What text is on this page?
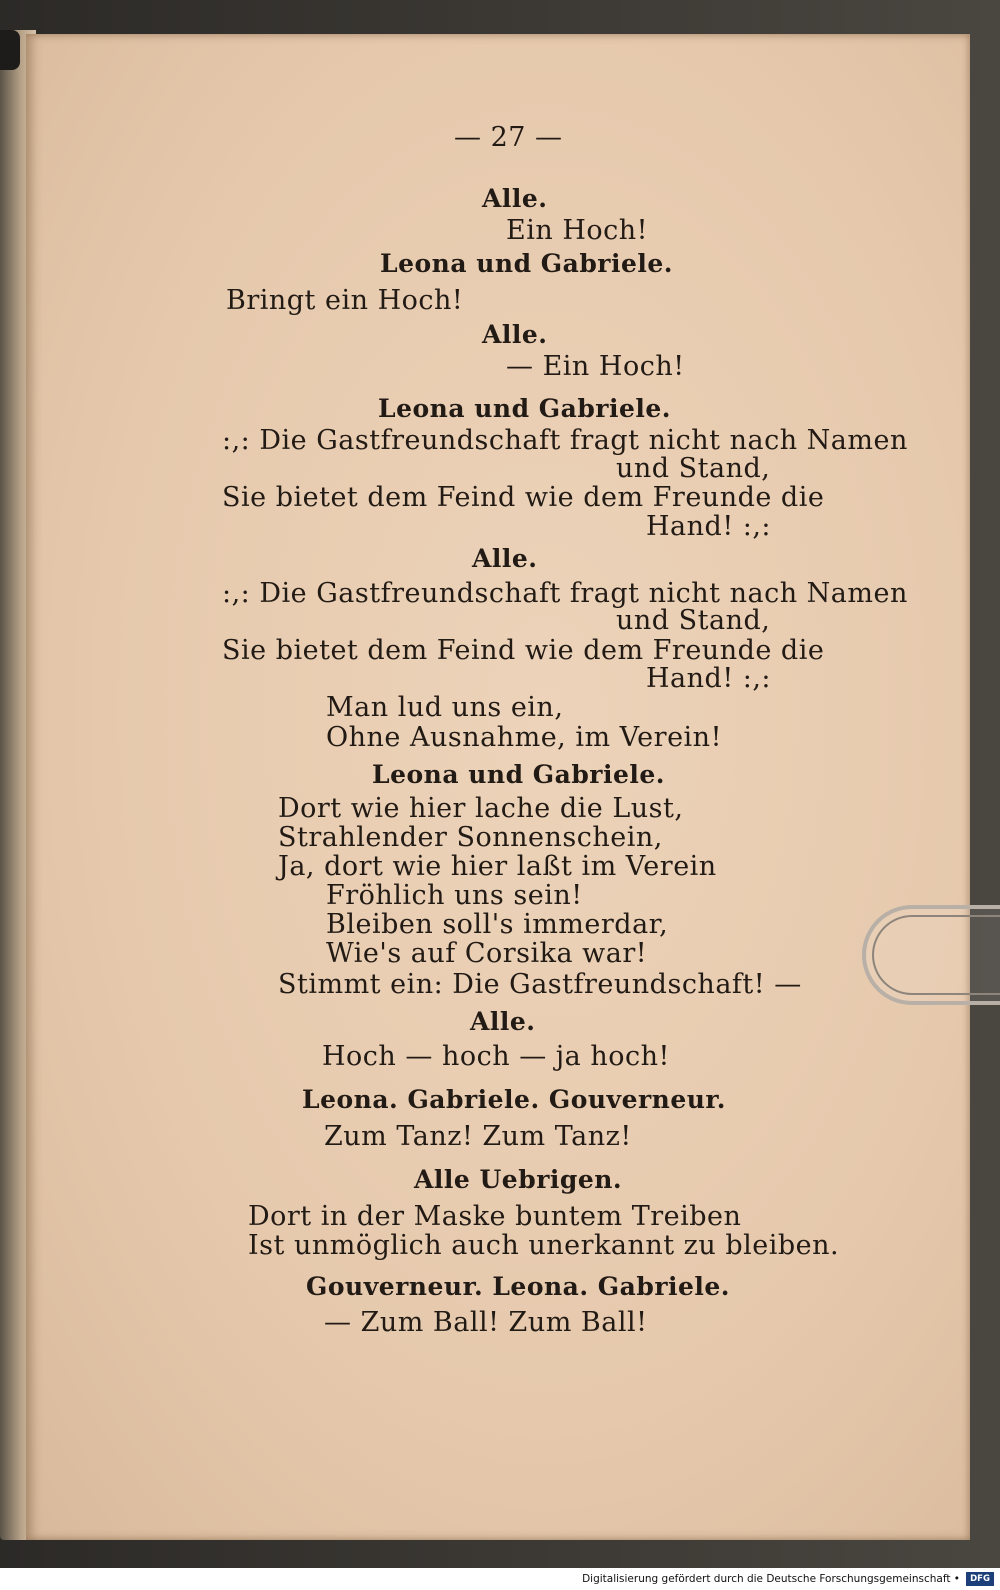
— 27 —
Alle.
Ein Hoch!
Leona und Gabriele.
Bringt ein Hoch!
Alle.
— Ein Hoch!
Leona und Gabriele.
:,: Die Gastfreundschaft fragt nicht nach Namen
und Stand,
Sie bietet dem Feind wie dem Freunde die
Hand! :,:
Alle.
:,: Die Gastfreundschaft fragt nicht nach Namen
und Stand,
Sie bietet dem Feind wie dem Freunde die
Hand! :,:
Man lud uns ein,
Ohne Ausnahme, im Verein!
Leona und Gabriele.
Dort wie hier lache die Lust,
Strahlender Sonnenschein,
Ja, dort wie hier laßt im Verein
Fröhlich uns sein!
Bleiben soll's immerdar,
Wie's auf Corsika war!
Stimmt ein: Die Gastfreundschaft! —
Alle.
Hoch — hoch — ja hoch!
Leona. Gabriele. Gouverneur.
Zum Tanz! Zum Tanz!
Alle Uebrigen.
Dort in der Maske buntem Treiben
Ist unmöglich auch unerkannt zu bleiben.
Gouverneur. Leona. Gabriele.
— Zum Ball! Zum Ball!
Digitalisierung gefördert durch die Deutsche Forschungsgemeinschaft •	DFG
